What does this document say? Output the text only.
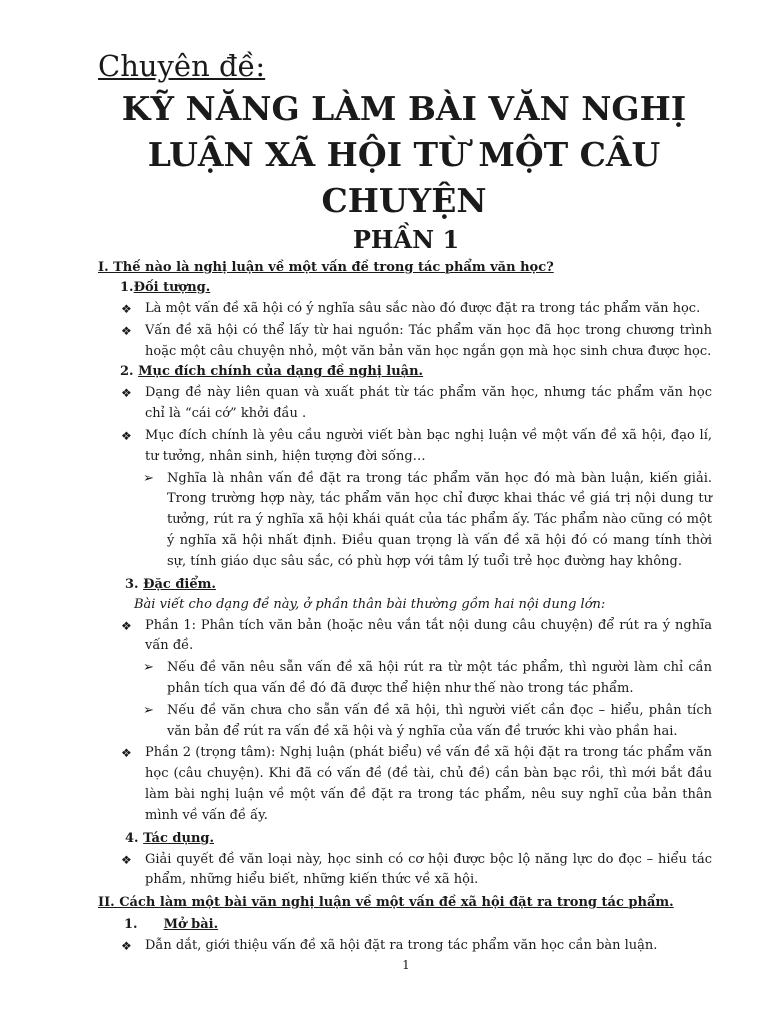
Chuyên đề:
KỸ NĂNG LÀM BÀI VĂN NGHỊ LUẬN XÃ HỘI TỪ MỘT CÂU CHUYỆN
PHẦN 1
I. Thế nào là nghị luận về một vấn đề trong tác phẩm văn học?
1.Đối tượng.
❖ Là một vấn đề xã hội có ý nghĩa sâu sắc nào đó được đặt ra trong tác phẩm văn học.
❖ Vấn đề xã hội có thể lấy từ hai nguồn: Tác phẩm văn học đã học trong chương trình hoặc một câu chuyện nhỏ, một văn bản văn học ngắn gọn mà học sinh chưa được học.
2. Mục đích chính của dạng đề nghị luận.
❖ Dạng đề này liên quan và xuất phát từ tác phẩm văn học, nhưng tác phẩm văn học chỉ là “cái cớ” khởi đầu .
❖ Mục đích chính là yêu cầu người viết bàn bạc nghị luận về một vấn đề xã hội, đạo lí, tư tưởng, nhân sinh, hiện tượng đời sống…
➢ Nghĩa là nhân vấn đề đặt ra trong tác phẩm văn học đó mà bàn luận, kiến giải. Trong trường hợp này, tác phẩm văn học chỉ được khai thác về giá trị nội dung tư tưởng, rút ra ý nghĩa xã hội khái quát của tác phẩm ấy. Tác phẩm nào cũng có một ý nghĩa xã hội nhất định. Điều quan trọng là vấn đề xã hội đó có mang tính thời sự, tính giáo dục sâu sắc, có phù hợp với tâm lý tuổi trẻ học đường hay không.
3. Đặc điểm.
Bài viết cho dạng đề này, ở phần thân bài thường gồm hai nội dung lớn:
❖ Phần 1: Phân tích văn bản (hoặc nêu vắn tắt nội dung câu chuyện) để rút ra ý nghĩa vấn đề.
➢ Nếu đề văn nêu sẵn vấn đề xã hội rút ra từ một tác phẩm, thì người làm chỉ cần phân tích qua vấn đề đó đã được thể hiện như thế nào trong tác phẩm.
➢ Nếu đề văn chưa cho sẵn vấn đề xã hội, thì người viết cần đọc – hiểu, phân tích văn bản để rút ra vấn đề xã hội và ý nghĩa của vấn đề trước khi vào phần hai.
❖ Phần 2 (trọng tâm): Nghị luận (phát biểu) về vấn đề xã hội đặt ra trong tác phẩm văn học (câu chuyện). Khi đã có vấn đề (đề tài, chủ đề) cần bàn bạc rồi, thì mới bắt đầu làm bài nghị luận về một vấn đề đặt ra trong tác phẩm, nêu suy nghĩ của bản thân mình về vấn đề ấy.
4. Tác dụng.
❖ Giải quyết đề văn loại này, học sinh có cơ hội được bộc lộ năng lực do đọc – hiểu tác phẩm, những hiểu biết, những kiến thức về xã hội.
II. Cách làm một bài văn nghị luận về một vấn đề xã hội đặt ra trong tác phẩm.
1. Mở bài.
❖ Dẫn dắt, giới thiệu vấn đề xã hội đặt ra trong tác phẩm văn học cần bàn luận.
1
